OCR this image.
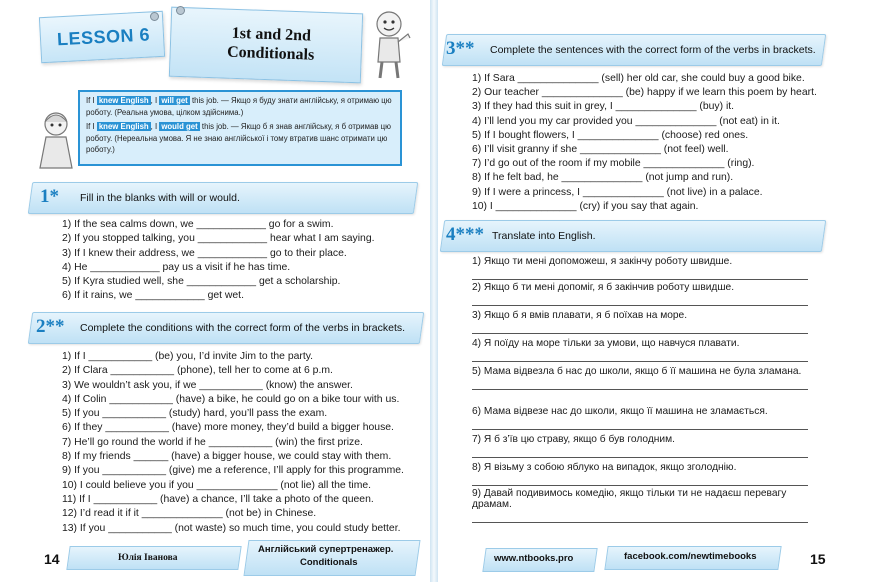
LESSON 6	1st and 2nd
Conditionals
If I knew English , I will get this job. — Якщо я буду знати англійську, я отримаю цю роботу. (Реальна умова, цілком здійснима.)
If I knew English , I would get this job. — Якщо б я знав англійську, я б отримав цю роботу. (Нереальна умова. Я не знаю англійської і тому втратив шанс отримати цю роботу.)
1* Fill in the blanks with will or would.
1) If the sea calms down, we ____________ go for a swim.
2) If you stopped talking, you ____________ hear what I am saying.
3) If I knew their address, we ____________ go to their place.
4) He ____________ pay us a visit if he has time.
5) If Kyra studied well, she ____________ get a scholarship.
6) If it rains, we ____________ get wet.
2** Complete the conditions with the correct form of the verbs in brackets.
1) If I ___________ (be) you, I’d invite Jim to the party.
2) If Clara ___________ (phone), tell her to come at 6 p.m.
3) We wouldn’t ask you, if we ___________ (know) the answer.
4) If Colin ___________ (have) a bike, he could go on a bike tour with us.
5) If you ___________ (study) hard, you’ll pass the exam.
6) If they ___________ (have) more money, they’d build a bigger house.
7) He’ll go round the world if he ___________ (win) the first prize.
8) If my friends ______ (have) a bigger house, we could stay with them.
9) If you ___________ (give) me a reference, I’ll apply for this programme.
10) I could believe you if you ______________ (not lie) all the time.
11) If I ___________ (have) a chance, I’ll take a photo of the queen.
12) I’d read it if it ______________ (not be) in Chinese.
13) If you ___________ (not waste) so much time, you could study better.
14	Юлія Іванова
Англійський супертренажер.
Conditionals
3** Complete the sentences with the correct form of the verbs in brackets.
1) If Sara ______________ (sell) her old car, she could buy a good bike.
2) Our teacher ______________ (be) happy if we learn this poem by heart.
3) If they had this suit in grey, I ______________ (buy) it.
4) I’ll lend you my car provided you ______________ (not eat) in it.
5) If I bought flowers, I ______________ (choose) red ones.
6) I’ll visit granny if she ______________ (not feel) well.
7) I’d go out of the room if my mobile ______________ (ring).
8) If he felt bad, he ______________ (not jump and run).
9) If I were a princess, I ______________ (not live) in a palace.
10) I ______________ (cry) if you say that again.
4*** Translate into English.
1) Якщо ти мені допоможеш, я закінчу роботу швидше.
2) Якщо б ти мені допоміг, я б закінчив роботу швидше.
3) Якщо б я вмів плавати, я б поїхав на море.
4) Я поїду на море тільки за умови, що навчуся плавати.
5) Мама відвезла б нас до школи, якщо б її машина не була зламана.
6) Мама відвезе нас до школи, якщо її машина не зламається.
7) Я б з’їв цю страву, якщо б був голодним.
8) Я візьму з собою яблуко на випадок, якщо зголоднію.
9) Давай подивимось комедію, якщо тільки ти не надаєш перевагу драмам.
www.ntbooks.pro	facebook.com/newtimebooks	15
